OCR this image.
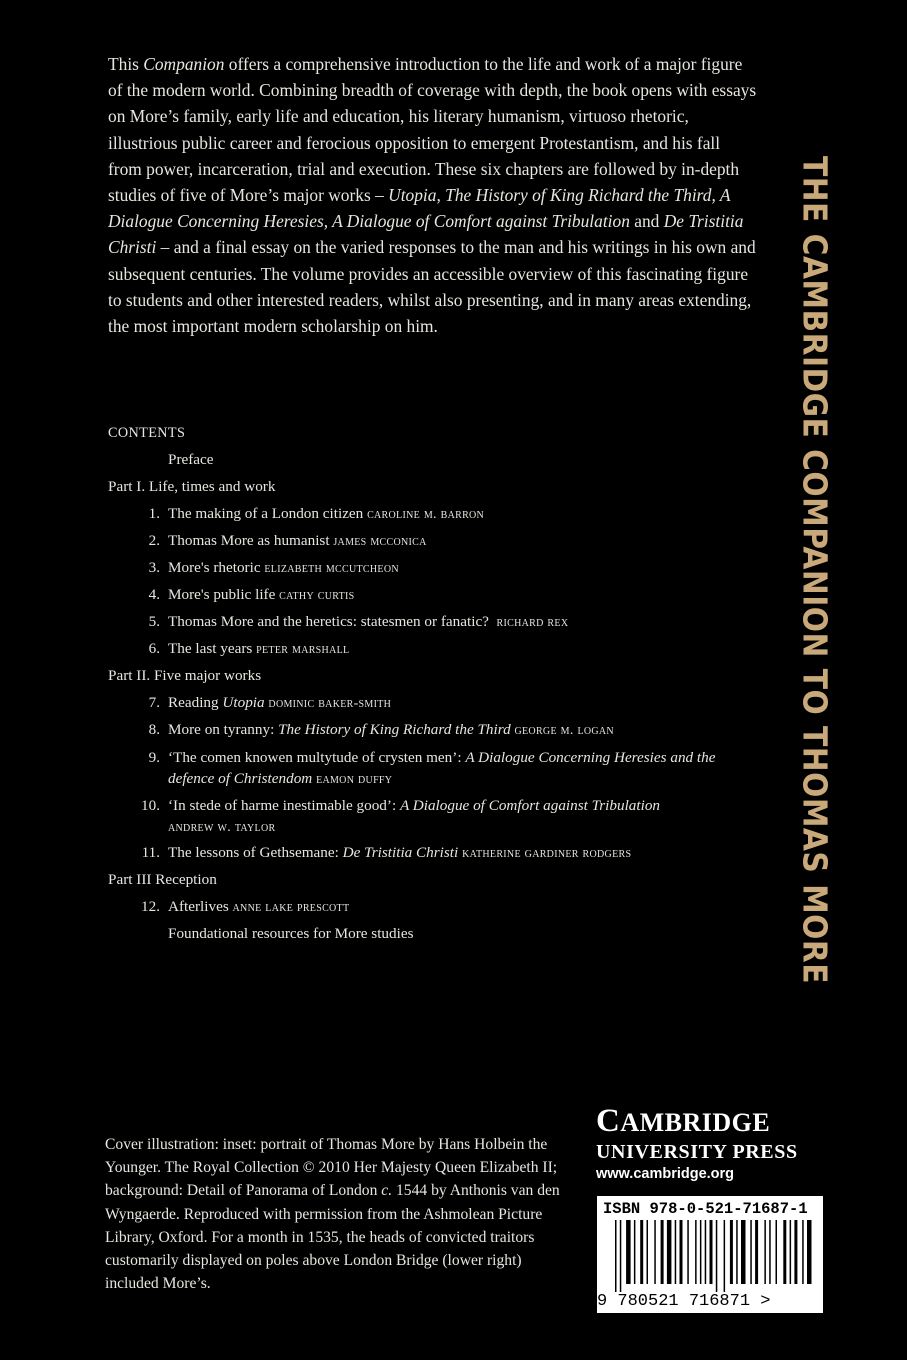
This Companion offers a comprehensive introduction to the life and work of a major figure of the modern world. Combining breadth of coverage with depth, the book opens with essays on More’s family, early life and education, his literary humanism, virtuoso rhetoric, illustrious public career and ferocious opposition to emergent Protestantism, and his fall from power, incarceration, trial and execution. These six chapters are followed by in-depth studies of five of More’s major works – Utopia, The History of King Richard the Third, A Dialogue Concerning Heresies, A Dialogue of Comfort against Tribulation and De Tristitia Christi – and a final essay on the varied responses to the man and his writings in his own and subsequent centuries. The volume provides an accessible overview of this fascinating figure to students and other interested readers, whilst also presenting, and in many areas extending, the most important modern scholarship on him.

CONTENTS
Preface
Part I. Life, times and work
1. The making of a London citizen caroline m. barron
2. Thomas More as humanist james mcconica
3. More's rhetoric elizabeth mccutcheon
4. More's public life cathy curtis
5. Thomas More and the heretics: statesmen or fanatic? richard rex
6. The last years peter marshall
Part II. Five major works
7. Reading Utopia dominic baker-smith
8. More on tyranny: The History of King Richard the Third george m. logan
9. ‘The comen knowen multytude of crysten men’: A Dialogue Concerning Heresies and the defence of Christendom eamon duffy
10. ‘In stede of harme inestimable good’: A Dialogue of Comfort against Tribulation
andrew w. taylor
11. The lessons of Gethsemane: De Tristitia Christi katherine gardiner rodgers
Part III Reception
12. Afterlives anne lake prescott
Foundational resources for More studies	THE CAMBRIDGE COMPANION TO THOMAS MORE
Cover illustration: inset: portrait of Thomas More by Hans Holbein the Younger. The Royal Collection © 2010 Her Majesty Queen Elizabeth II; background: Detail of Panorama of London c. 1544 by Anthonis van den Wyngaerde. Reproduced with permission from the Ashmolean Picture Library, Oxford. For a month in 1535, the heads of convicted traitors customarily displayed on poles above London Bridge (lower right) included More’s.
CAMBRIDGE
UNIVERSITY PRESS
www.cambridge.org
ISBN 978-0-521-71687-1
9 780521 716871 >
